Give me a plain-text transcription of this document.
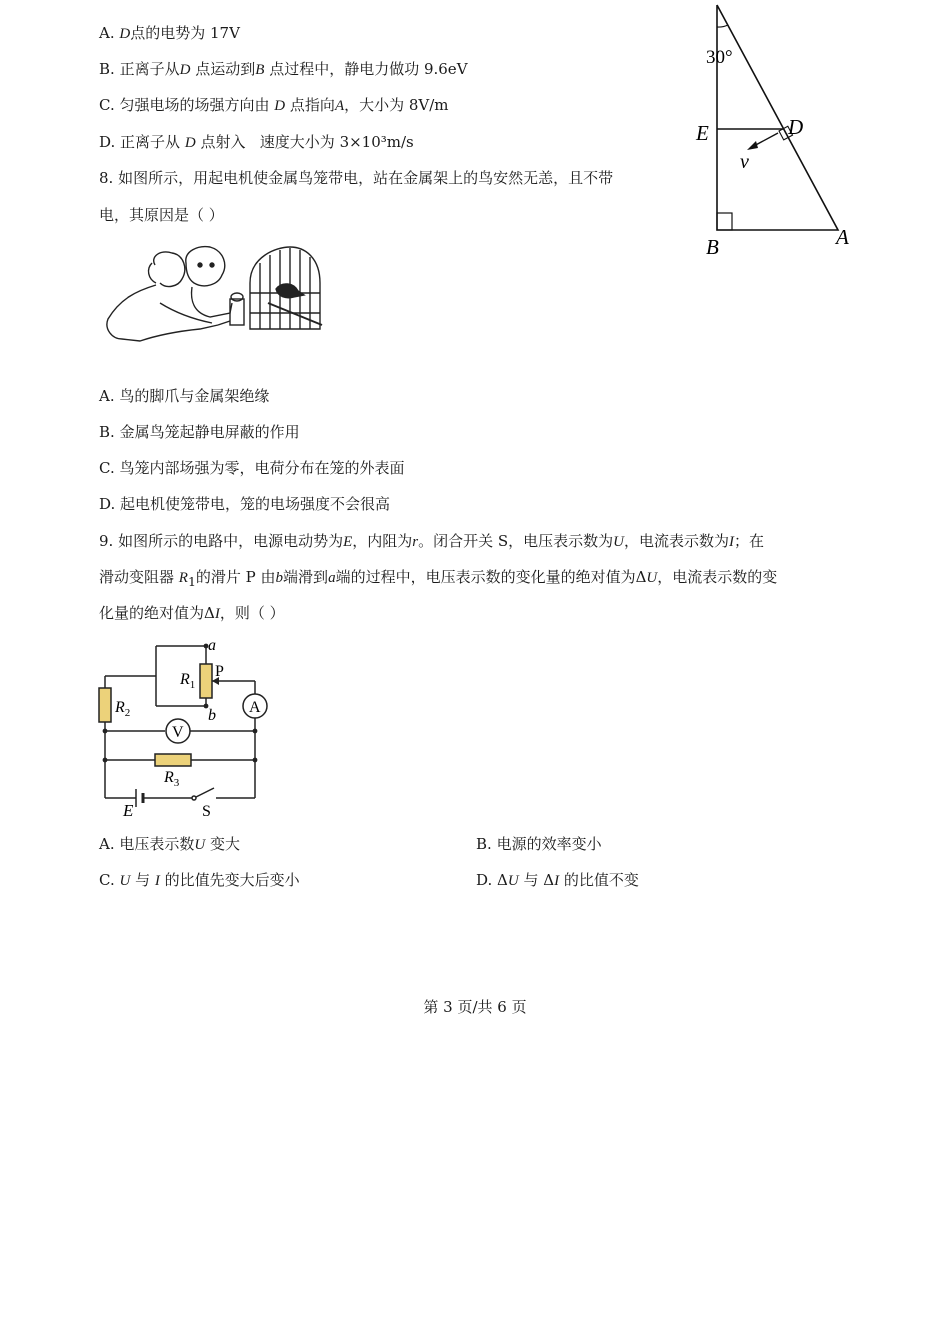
A. D点的电势为 17V
B. 正离子从D 点运动到B 点过程中，静电力做功 9.6eV
C. 匀强电场的场强方向由 D 点指向A，大小为 8V/m
D. 正离子从 D 点射入 速度大小为 3×10³m/s
30°
E	D
v
B	A
8. 如图所示，用起电机使金属鸟笼带电，站在金属架上的鸟安然无恙，且不带
电，其原因是（ ）
A. 鸟的脚爪与金属架绝缘
B. 金属鸟笼起静电屏蔽的作用
C. 鸟笼内部场强为零，电荷分布在笼的外表面
D. 起电机使笼带电，笼的电场强度不会很高
9. 如图所示的电路中，电源电动势为E，内阻为r。闭合开关 S，电压表示数为U，电流表示数为I；在
滑动变阻器 $R_1$的滑片 P 由b端滑到a端的过程中，电压表示数的变化量的绝对值为ΔU，电流表示数的变
化量的绝对值为ΔI，则（ ）
a
P
$R_1$
b
$R_2$
V
A
$R_3$
E	S
A. 电压表示数U 变大	B. 电源的效率变小
C. U 与 I 的比值先变大后变小	D. ΔU 与 ΔI 的比值不变
第 3 页/共 6 页
